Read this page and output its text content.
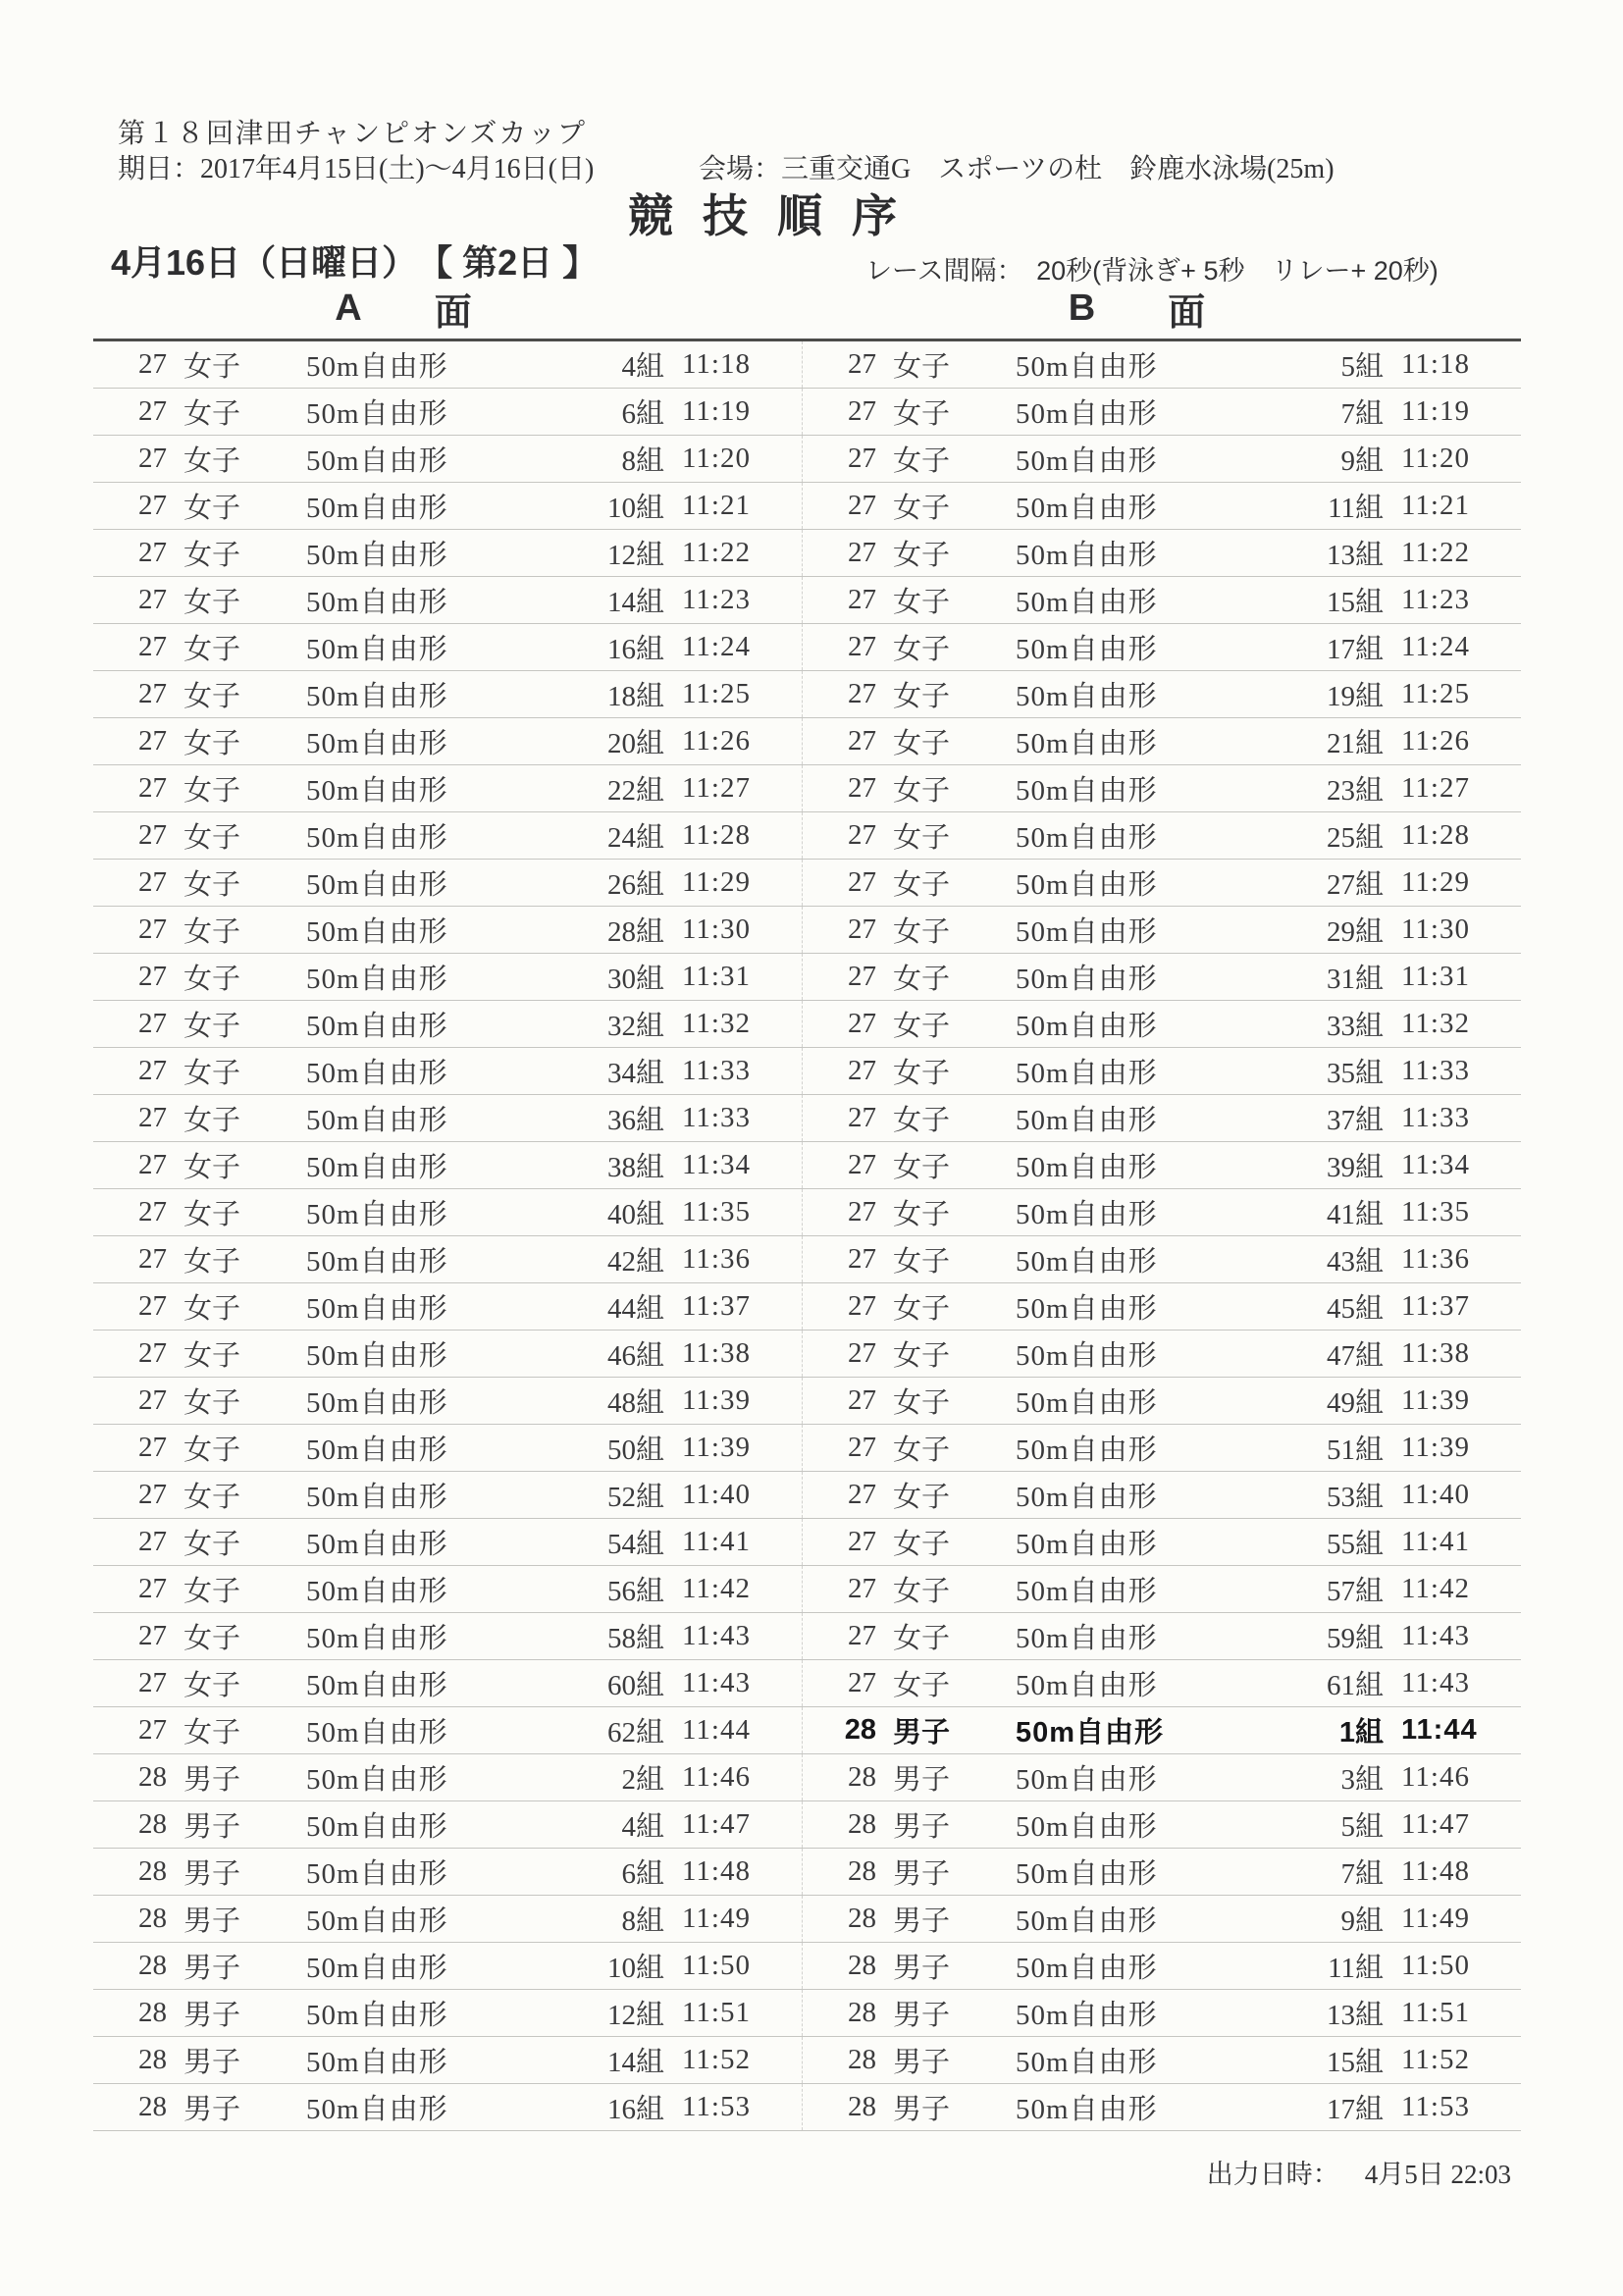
第１８回津田チャンピオンズカップ
期日：2017年4月15日(土)～4月16日(日)	会場：三重交通G　スポーツの杜　鈴鹿水泳場(25m)
競技順序
4月16日（日曜日）　【 第2日 】	レース間隔：　20秒(背泳ぎ+ 5秒　リレー+ 20秒)
A 面	B 面
27 女子 50m自由形	4組 11:18	27 女子 50m自由形	5組 11:18
27 女子 50m自由形	6組 11:19	27 女子 50m自由形	7組 11:19
27 女子 50m自由形	8組 11:20	27 女子 50m自由形	9組 11:20
27 女子 50m自由形	10組 11:21	27 女子 50m自由形	11組 11:21
27 女子 50m自由形	12組 11:22	27 女子 50m自由形	13組 11:22
27 女子 50m自由形	14組 11:23	27 女子 50m自由形	15組 11:23
27 女子 50m自由形	16組 11:24	27 女子 50m自由形	17組 11:24
27 女子 50m自由形	18組 11:25	27 女子 50m自由形	19組 11:25
27 女子 50m自由形	20組 11:26	27 女子 50m自由形	21組 11:26
27 女子 50m自由形	22組 11:27	27 女子 50m自由形	23組 11:27
27 女子 50m自由形	24組 11:28	27 女子 50m自由形	25組 11:28
27 女子 50m自由形	26組 11:29	27 女子 50m自由形	27組 11:29
27 女子 50m自由形	28組 11:30	27 女子 50m自由形	29組 11:30
27 女子 50m自由形	30組 11:31	27 女子 50m自由形	31組 11:31
27 女子 50m自由形	32組 11:32	27 女子 50m自由形	33組 11:32
27 女子 50m自由形	34組 11:33	27 女子 50m自由形	35組 11:33
27 女子 50m自由形	36組 11:33	27 女子 50m自由形	37組 11:33
27 女子 50m自由形	38組 11:34	27 女子 50m自由形	39組 11:34
27 女子 50m自由形	40組 11:35	27 女子 50m自由形	41組 11:35
27 女子 50m自由形	42組 11:36	27 女子 50m自由形	43組 11:36
27 女子 50m自由形	44組 11:37	27 女子 50m自由形	45組 11:37
27 女子 50m自由形	46組 11:38	27 女子 50m自由形	47組 11:38
27 女子 50m自由形	48組 11:39	27 女子 50m自由形	49組 11:39
27 女子 50m自由形	50組 11:39	27 女子 50m自由形	51組 11:39
27 女子 50m自由形	52組 11:40	27 女子 50m自由形	53組 11:40
27 女子 50m自由形	54組 11:41	27 女子 50m自由形	55組 11:41
27 女子 50m自由形	56組 11:42	27 女子 50m自由形	57組 11:42
27 女子 50m自由形	58組 11:43	27 女子 50m自由形	59組 11:43
27 女子 50m自由形	60組 11:43	27 女子 50m自由形	61組 11:43
27 女子 50m自由形	62組 11:44	28 男子 50m自由形	1組 11:44
28 男子 50m自由形	2組 11:46	28 男子 50m自由形	3組 11:46
28 男子 50m自由形	4組 11:47	28 男子 50m自由形	5組 11:47
28 男子 50m自由形	6組 11:48	28 男子 50m自由形	7組 11:48
28 男子 50m自由形	8組 11:49	28 男子 50m自由形	9組 11:49
28 男子 50m自由形	10組 11:50	28 男子 50m自由形	11組 11:50
28 男子 50m自由形	12組 11:51	28 男子 50m自由形	13組 11:51
28 男子 50m自由形	14組 11:52	28 男子 50m自由形	15組 11:52
28 男子 50m自由形	16組 11:53	28 男子 50m自由形	17組 11:53
出力日時： 4月5日 22:03
